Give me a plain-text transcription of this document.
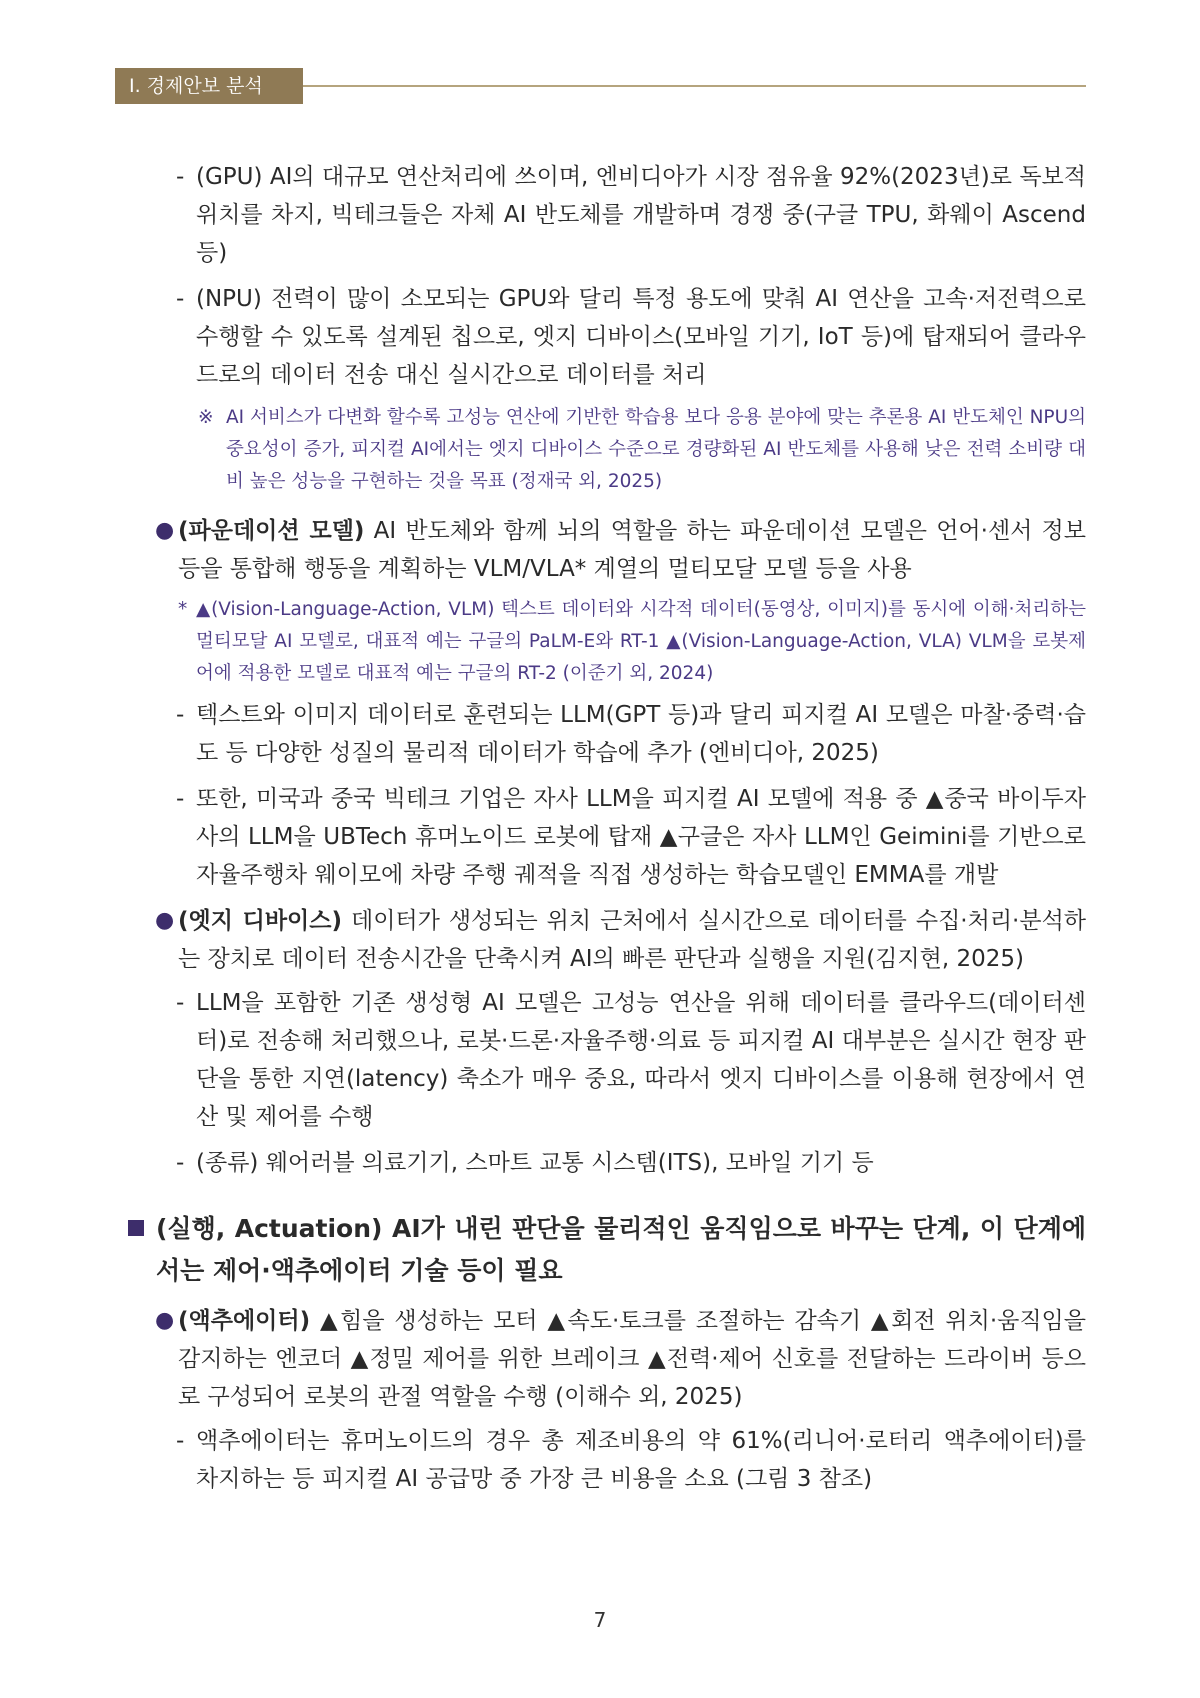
Ⅰ. 경제안보 분석

- (GPU) AI의 대규모 연산처리에 쓰이며, 엔비디아가 시장 점유율 92%(2023년)로 독보적 위치를 차지, 빅테크들은 자체 AI 반도체를 개발하며 경쟁 중(구글 TPU, 화웨이 Ascend 등)

- (NPU) 전력이 많이 소모되는 GPU와 달리 특정 용도에 맞춰 AI 연산을 고속·저전력으로 수행할 수 있도록 설계된 칩으로, 엣지 디바이스(모바일 기기, IoT 등)에 탑재되어 클라우드로의 데이터 전송 대신 실시간으로 데이터를 처리

※ AI 서비스가 다변화 할수록 고성능 연산에 기반한 학습용 보다 응용 분야에 맞는 추론용 AI 반도체인 NPU의 중요성이 증가, 피지컬 AI에서는 엣지 디바이스 수준으로 경량화된 AI 반도체를 사용해 낮은 전력 소비량 대비 높은 성능을 구현하는 것을 목표 (정재국 외, 2025)

● (파운데이션 모델) AI 반도체와 함께 뇌의 역할을 하는 파운데이션 모델은 언어·센서 정보 등을 통합해 행동을 계획하는 VLM/VLA* 계열의 멀티모달 모델 등을 사용

* ▲(Vision-Language-Action, VLM) 텍스트 데이터와 시각적 데이터(동영상, 이미지)를 동시에 이해·처리하는 멀티모달 AI 모델로, 대표적 예는 구글의 PaLM-E와 RT-1 ▲(Vision-Language-Action, VLA) VLM을 로봇제어에 적용한 모델로 대표적 예는 구글의 RT-2 (이준기 외, 2024)

- 텍스트와 이미지 데이터로 훈련되는 LLM(GPT 등)과 달리 피지컬 AI 모델은 마찰·중력·습도 등 다양한 성질의 물리적 데이터가 학습에 추가 (엔비디아, 2025)

- 또한, 미국과 중국 빅테크 기업은 자사 LLM을 피지컬 AI 모델에 적용 중 ▲중국 바이두자사의 LLM을 UBTech 휴머노이드 로봇에 탑재 ▲구글은 자사 LLM인 Geimini를 기반으로 자율주행차 웨이모에 차량 주행 궤적을 직접 생성하는 학습모델인 EMMA를 개발

● (엣지 디바이스) 데이터가 생성되는 위치 근처에서 실시간으로 데이터를 수집·처리·분석하는 장치로 데이터 전송시간을 단축시켜 AI의 빠른 판단과 실행을 지원(김지현, 2025)

- LLM을 포함한 기존 생성형 AI 모델은 고성능 연산을 위해 데이터를 클라우드(데이터센터)로 전송해 처리했으나, 로봇·드론·자율주행·의료 등 피지컬 AI 대부분은 실시간 현장 판단을 통한 지연(latency) 축소가 매우 중요, 따라서 엣지 디바이스를 이용해 현장에서 연산 및 제어를 수행

- (종류) 웨어러블 의료기기, 스마트 교통 시스템(ITS), 모바일 기기 등

(실행, Actuation) AI가 내린 판단을 물리적인 움직임으로 바꾸는 단계, 이 단계에서는 제어·액추에이터 기술 등이 필요

● (액추에이터) ▲힘을 생성하는 모터 ▲속도·토크를 조절하는 감속기 ▲회전 위치·움직임을 감지하는 엔코더 ▲정밀 제어를 위한 브레이크 ▲전력·제어 신호를 전달하는 드라이버 등으로 구성되어 로봇의 관절 역할을 수행 (이해수 외, 2025)

- 액추에이터는 휴머노이드의 경우 총 제조비용의 약 61%(리니어·로터리 액추에이터)를 차지하는 등 피지컬 AI 공급망 중 가장 큰 비용을 소요 (그림 3 참조)

7
